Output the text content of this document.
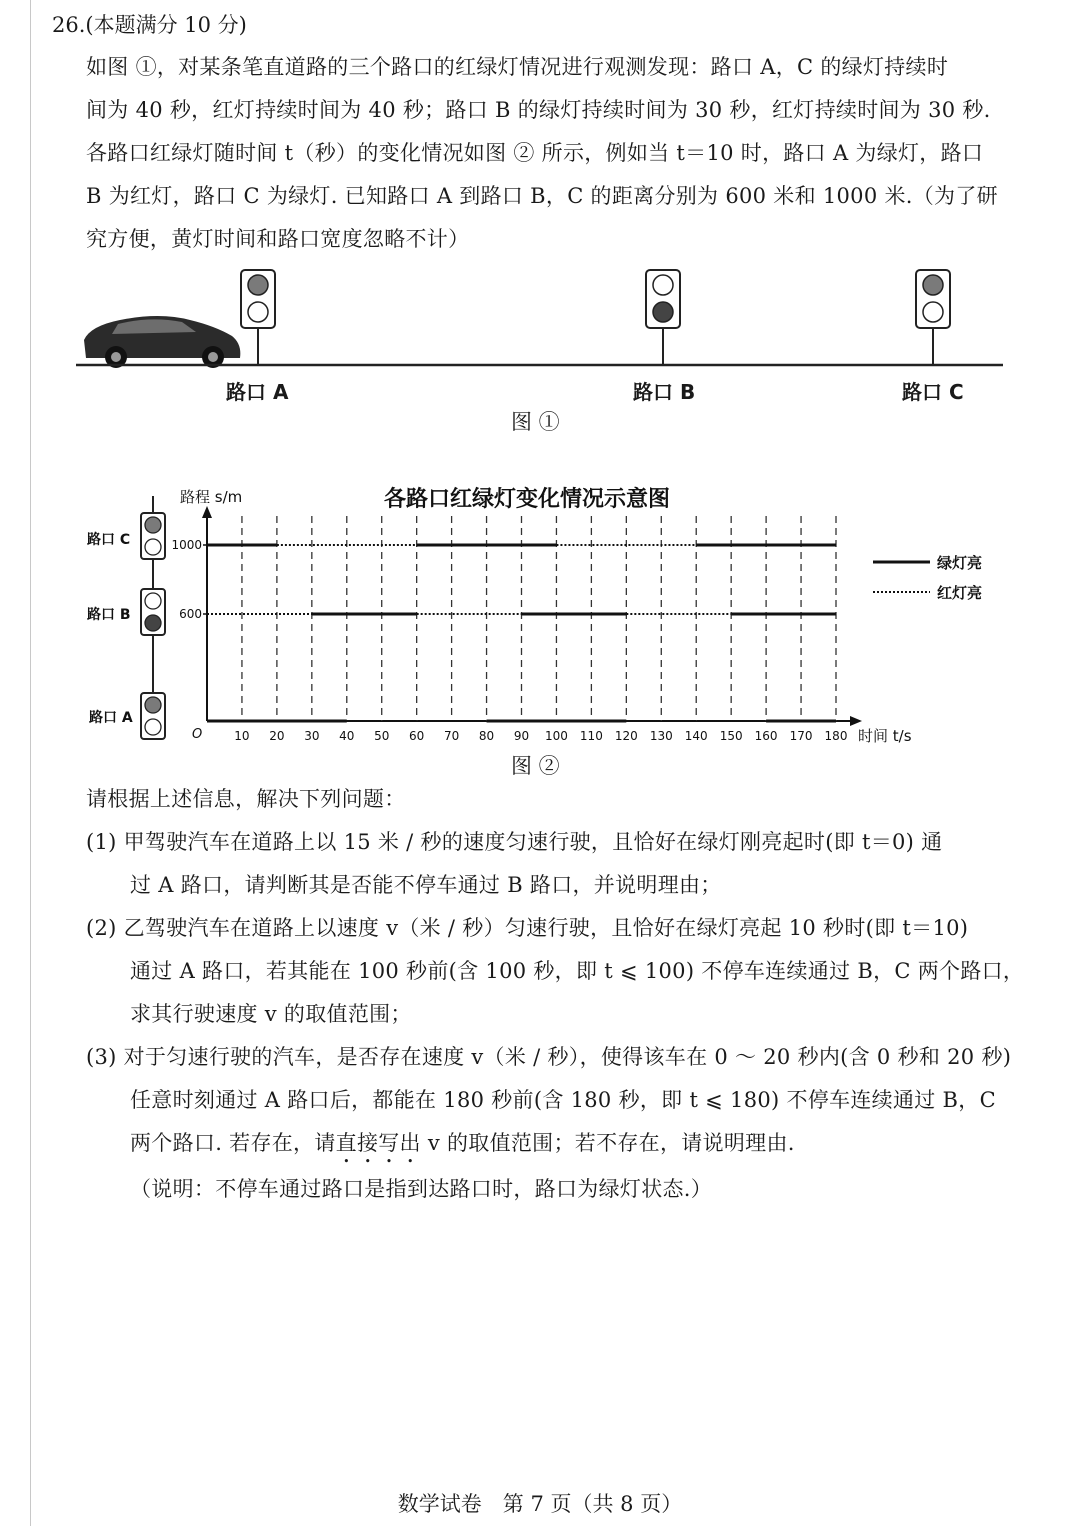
26.(本题满分 10 分)
如图 ①，对某条笔直道路的三个路口的红绿灯情况进行观测发现：路口 A，C 的绿灯持续时
间为 40 秒，红灯持续时间为 40 秒；路口 B 的绿灯持续时间为 30 秒，红灯持续时间为 30 秒.
各路口红绿灯随时间 t（秒）的变化情况如图 ② 所示，例如当 t＝10 时，路口 A 为绿灯，路口
B 为红灯，路口 C 为绿灯. 已知路口 A 到路口 B，C 的距离分别为 600 米和 1000 米.（为了研
究方便，黄灯时间和路口宽度忽略不计）
路口 A	路口 B	路口 C
图 ①
各路口红绿灯变化情况示意图
路程 s/m
时间 t/s
O	10 20 30 40 50 60 70 80 90 100 110 120 130 140 150 160 170 180
1000
600
路口 C
路口 B
路口 A
绿灯亮
红灯亮
图 ②
请根据上述信息，解决下列问题：
(1) 甲驾驶汽车在道路上以 15 米 / 秒的速度匀速行驶，且恰好在绿灯刚亮起时(即 t＝0) 通
过 A 路口，请判断其是否能不停车通过 B 路口，并说明理由；
(2) 乙驾驶汽车在道路上以速度 v（米 / 秒）匀速行驶，且恰好在绿灯亮起 10 秒时(即 t＝10)
通过 A 路口，若其能在 100 秒前(含 100 秒，即 t ⩽ 100) 不停车连续通过 B，C 两个路口，
求其行驶速度 v 的取值范围；
(3) 对于匀速行驶的汽车，是否存在速度 v（米 / 秒），使得该车在 0 ～ 20 秒内(含 0 秒和 20 秒)
任意时刻通过 A 路口后，都能在 180 秒前(含 180 秒，即 t ⩽ 180) 不停车连续通过 B，C
两个路口. 若存在，请直接写出 v 的取值范围；若不存在，请说明理由.
（说明：不停车通过路口是指到达路口时，路口为绿灯状态.）
数学试卷　第 7 页（共 8 页）
